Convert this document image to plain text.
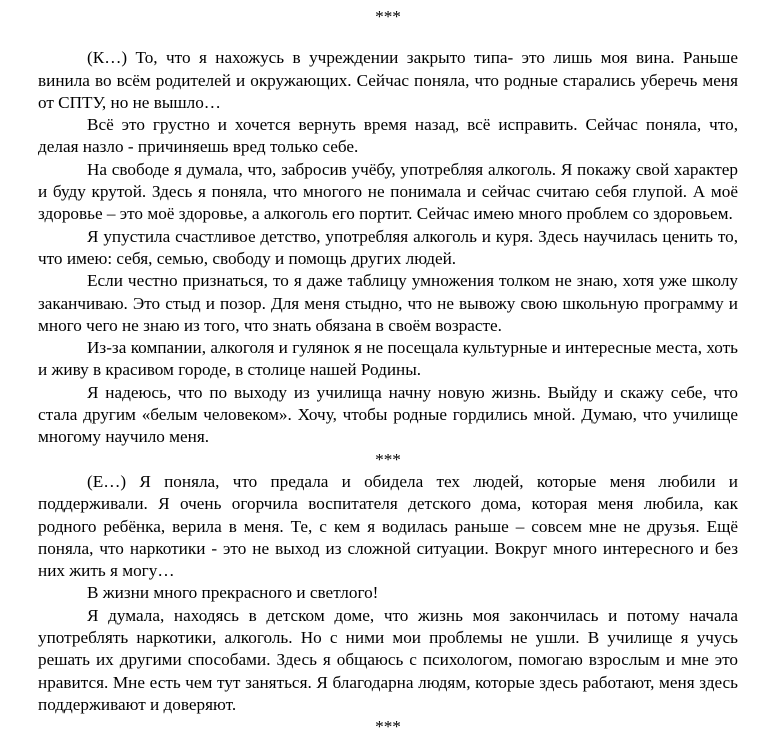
***

(К…) То, что я нахожусь в учреждении закрыто типа- это лишь моя вина. Раньше винила во всём родителей и окружающих. Сейчас поняла, что родные старались уберечь меня от СПТУ, но не вышло…

Всё это грустно и хочется вернуть время назад, всё исправить. Сейчас поняла, что, делая назло - причиняешь вред только себе.

На свободе я думала, что, забросив учёбу, употребляя алкоголь. Я покажу свой характер и буду крутой. Здесь я поняла, что многого не понимала и сейчас считаю себя глупой. А моё здоровье – это моё здоровье, а алкоголь его портит. Сейчас имею много проблем со здоровьем.

Я упустила счастливое детство, употребляя алкоголь и куря. Здесь научилась ценить то, что имею: себя, семью, свободу и помощь других людей.

Если честно признаться, то я даже таблицу умножения толком не знаю, хотя уже школу заканчиваю. Это стыд и позор. Для меня стыдно, что не вывожу свою школьную программу и много чего не знаю из того, что знать обязана в своём возрасте.

Из-за компании, алкоголя и гулянок я не посещала культурные и интересные места, хоть и живу в красивом городе, в столице нашей Родины.

Я надеюсь, что по выходу из училища начну новую жизнь. Выйду и скажу себе, что стала другим «белым человеком». Хочу, чтобы родные гордились мной. Думаю, что училище многому научило меня.

***

(Е…) Я поняла, что предала и обидела тех людей, которые меня любили и поддерживали. Я очень огорчила воспитателя детского дома, которая меня любила, как родного ребёнка, верила в меня. Те, с кем я водилась раньше – совсем мне не друзья. Ещё поняла, что наркотики - это не выход из сложной ситуации. Вокруг много интересного и без них жить я могу…

В жизни много прекрасного и светлого!

Я думала, находясь в детском доме, что жизнь моя закончилась и потому начала употреблять наркотики, алкоголь. Но с ними мои проблемы не ушли. В училище я учусь решать их другими способами. Здесь я общаюсь с психологом, помогаю взрослым и мне это нравится. Мне есть чем тут заняться. Я благодарна людям, которые здесь работают, меня здесь поддерживают и доверяют.

***
